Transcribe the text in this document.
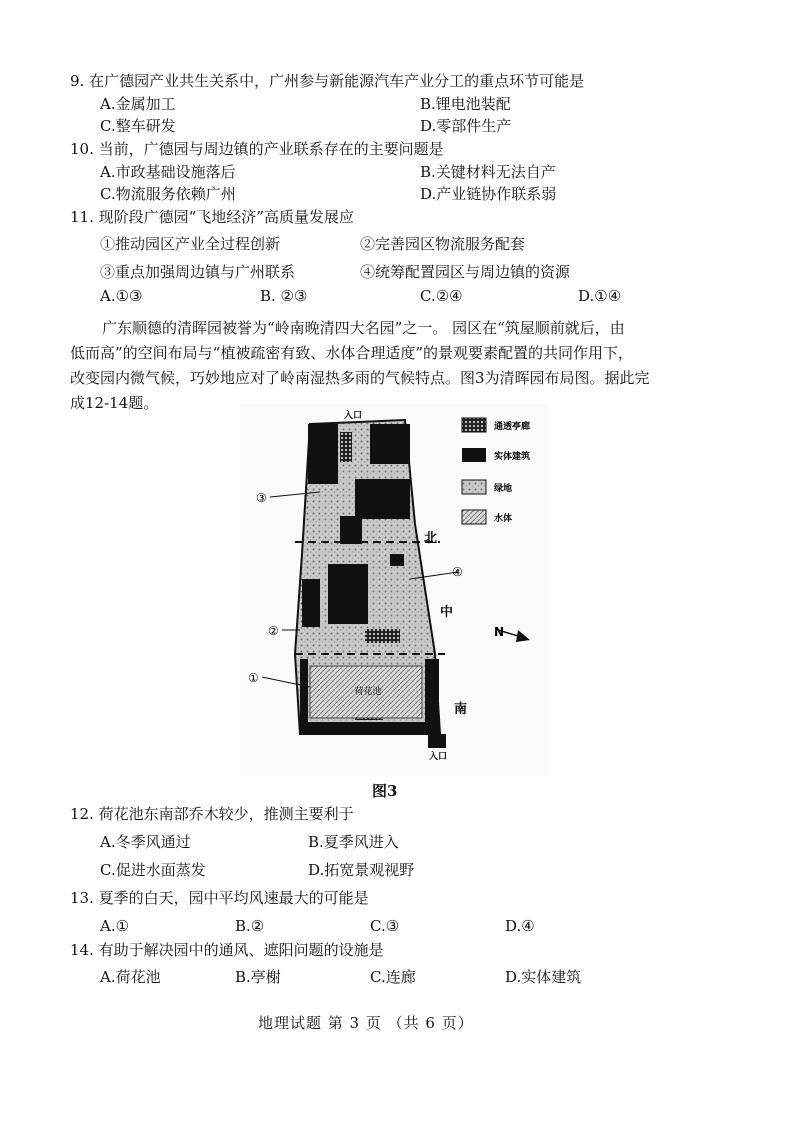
9. 在广德园产业共生关系中，广州参与新能源汽车产业分工的重点环节可能是
A.金属加工	B.锂电池装配
C.整车研发	D.零部件生产
10. 当前，广德园与周边镇的产业联系存在的主要问题是
A.市政基础设施落后	B.关键材料无法自产
C.物流服务依赖广州	D.产业链协作联系弱
11. 现阶段广德园“飞地经济”高质量发展应
①推动园区产业全过程创新	②完善园区物流服务配套
③重点加强周边镇与广州联系	④统筹配置园区与周边镇的资源
A.①③	B. ②③	C.②④	D.①④
广东顺德的清晖园被誉为“岭南晚清四大名园”之一。 园区在“筑屋顺前就后，由
低而高”的空间布局与“植被疏密有致、水体合理适度”的景观要素配置的共同作用下，
改变园内微气候，巧妙地应对了岭南湿热多雨的气候特点。图3为清晖园布局图。据此完
成12-14题。
荷花池
北
中
南
入口
入口
③
④
②
①
N
通透亭廊
实体建筑
绿地
水体
图3
12. 荷花池东南部乔木较少，推测主要利于
A.冬季风通过	B.夏季风进入
C.促进水面蒸发	D.拓宽景观视野
13. 夏季的白天，园中平均风速最大的可能是
A.①	B.②	C.③	D.④
14. 有助于解决园中的通风、遮阳问题的设施是
A.荷花池	B.亭榭	C.连廊	D.实体建筑
地理试题 第 3 页 （共 6 页）
